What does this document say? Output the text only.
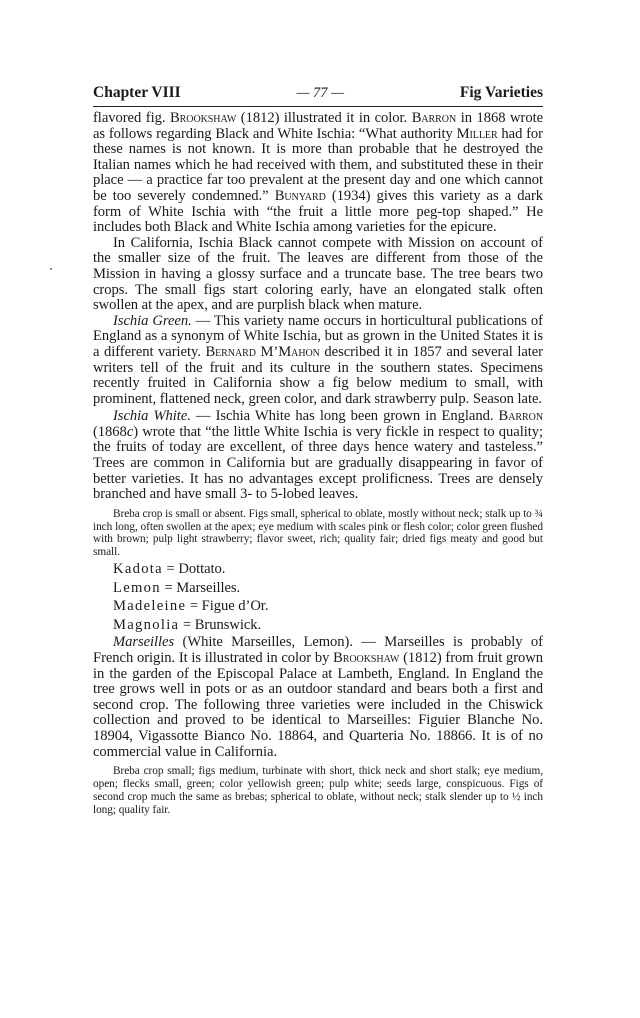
Chapter VIII	— 77 —	Fig Varieties

flavored fig. Brookshaw (1812) illustrated it in color. Barron in 1868 wrote as follows regarding Black and White Ischia: “What authority Miller had for these names is not known. It is more than probable that he destroyed the Italian names which he had received with them, and substituted these in their place — a practice far too prevalent at the present day and one which cannot be too severely condemned.” Bunyard (1934) gives this variety as a dark form of White Ischia with “the fruit a little more peg-top shaped.” He includes both Black and White Ischia among varieties for the epicure.

In California, Ischia Black cannot compete with Mission on account of the smaller size of the fruit. The leaves are different from those of the Mission in having a glossy surface and a truncate base. The tree bears two crops. The small figs start coloring early, have an elongated stalk often swollen at the apex, and are purplish black when mature.

Ischia Green. — This variety name occurs in horticultural publications of England as a synonym of White Ischia, but as grown in the United States it is a different variety. Bernard M’Mahon described it in 1857 and several later writers tell of the fruit and its culture in the southern states. Specimens recently fruited in California show a fig below medium to small, with prominent, flattened neck, green color, and dark strawberry pulp. Season late.

Ischia White. — Ischia White has long been grown in England. Barron (1868c) wrote that “the little White Ischia is very fickle in respect to quality; the fruits of today are excellent, of three days hence watery and tasteless.” Trees are common in California but are gradually disappearing in favor of better varieties. It has no advantages except prolificness. Trees are densely branched and have small 3- to 5-lobed leaves.

Breba crop is small or absent. Figs small, spherical to oblate, mostly without neck; stalk up to ¾ inch long, often swollen at the apex; eye medium with scales pink or flesh color; color green flushed with brown; pulp light strawberry; flavor sweet, rich; quality fair; dried figs meaty and good but small.

Kadota = Dottato.

Lemon = Marseilles.

Madeleine = Figue d’Or.

Magnolia = Brunswick.

Marseilles (White Marseilles, Lemon). — Marseilles is probably of French origin. It is illustrated in color by Brookshaw (1812) from fruit grown in the garden of the Episcopal Palace at Lambeth, England. In England the tree grows well in pots or as an outdoor standard and bears both a first and second crop. The following three varieties were included in the Chiswick collection and proved to be identical to Marseilles: Figuier Blanche No. 18904, Vigassotte Bianco No. 18864, and Quarteria No. 18866. It is of no commercial value in California.

Breba crop small; figs medium, turbinate with short, thick neck and short stalk; eye medium, open; flecks small, green; color yellowish green; pulp white; seeds large, conspicuous. Figs of second crop much the same as brebas; spherical to oblate, without neck; stalk slender up to ½ inch long; quality fair.
